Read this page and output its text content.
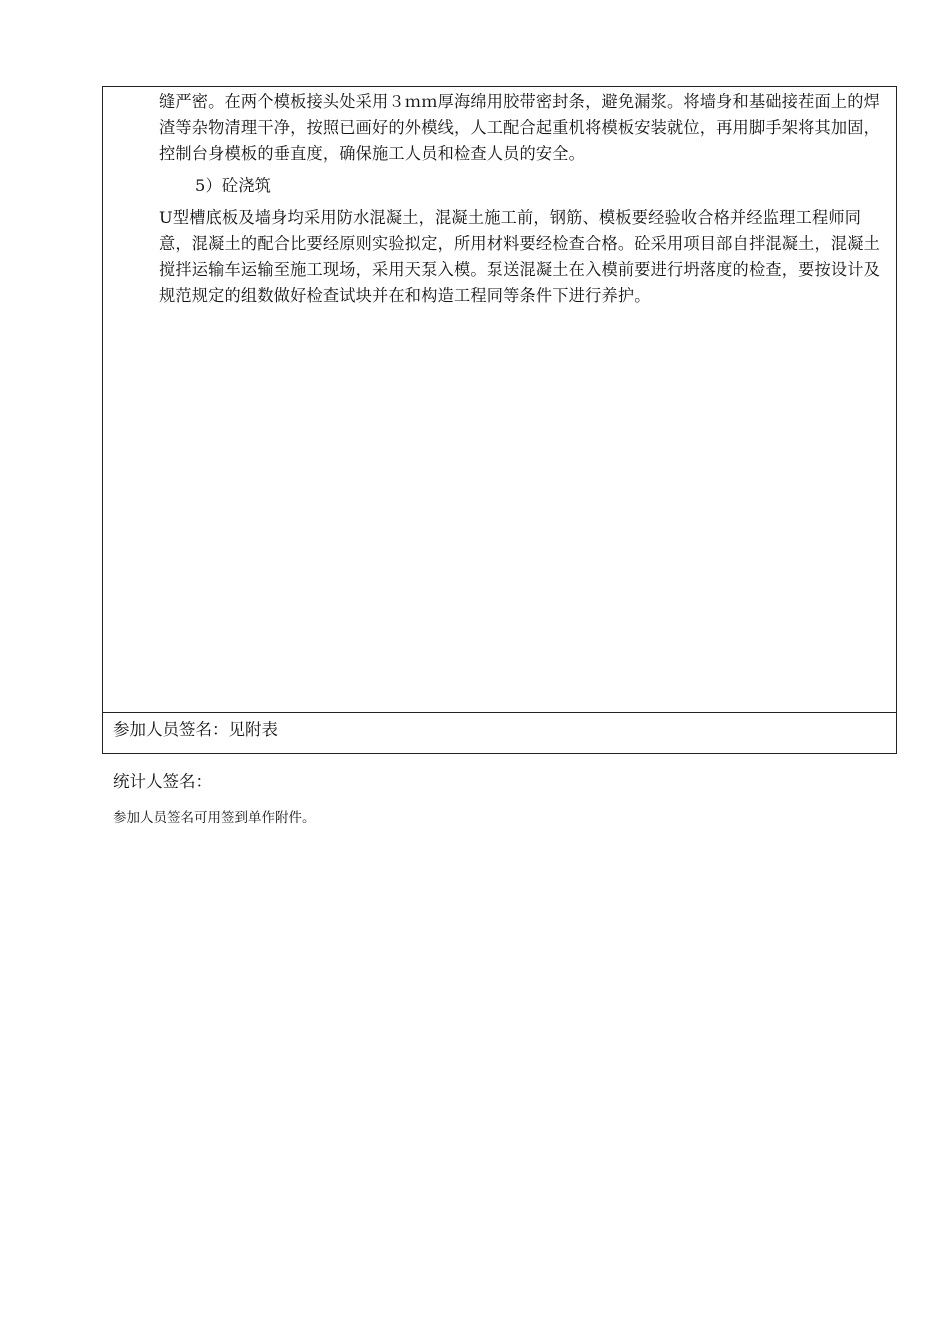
缝严密。在两个模板接头处采用３ｍｍ厚海绵用胶带密封条，避免漏浆。将墙身和基础接茬面上的焊渣等杂物清理干净，按照已画好的外模线，人工配合起重机将模板安装就位，再用脚手架将其加固，控制台身模板的垂直度，确保施工人员和检查人员的安全。

5）砼浇筑

U型槽底板及墙身均采用防水混凝土，混凝土施工前，钢筋、模板要经验收合格并经监理工程师同意，混凝土的配合比要经原则实验拟定，所用材料要经检查合格。砼采用项目部自拌混凝土，混凝土搅拌运输车运输至施工现场，采用天泵入模。泵送混凝土在入模前要进行坍落度的检查，要按设计及规范规定的组数做好检查试块并在和构造工程同等条件下进行养护。

参加人员签名：见附表
统计人签名：
参加人员签名可用签到单作附件。
